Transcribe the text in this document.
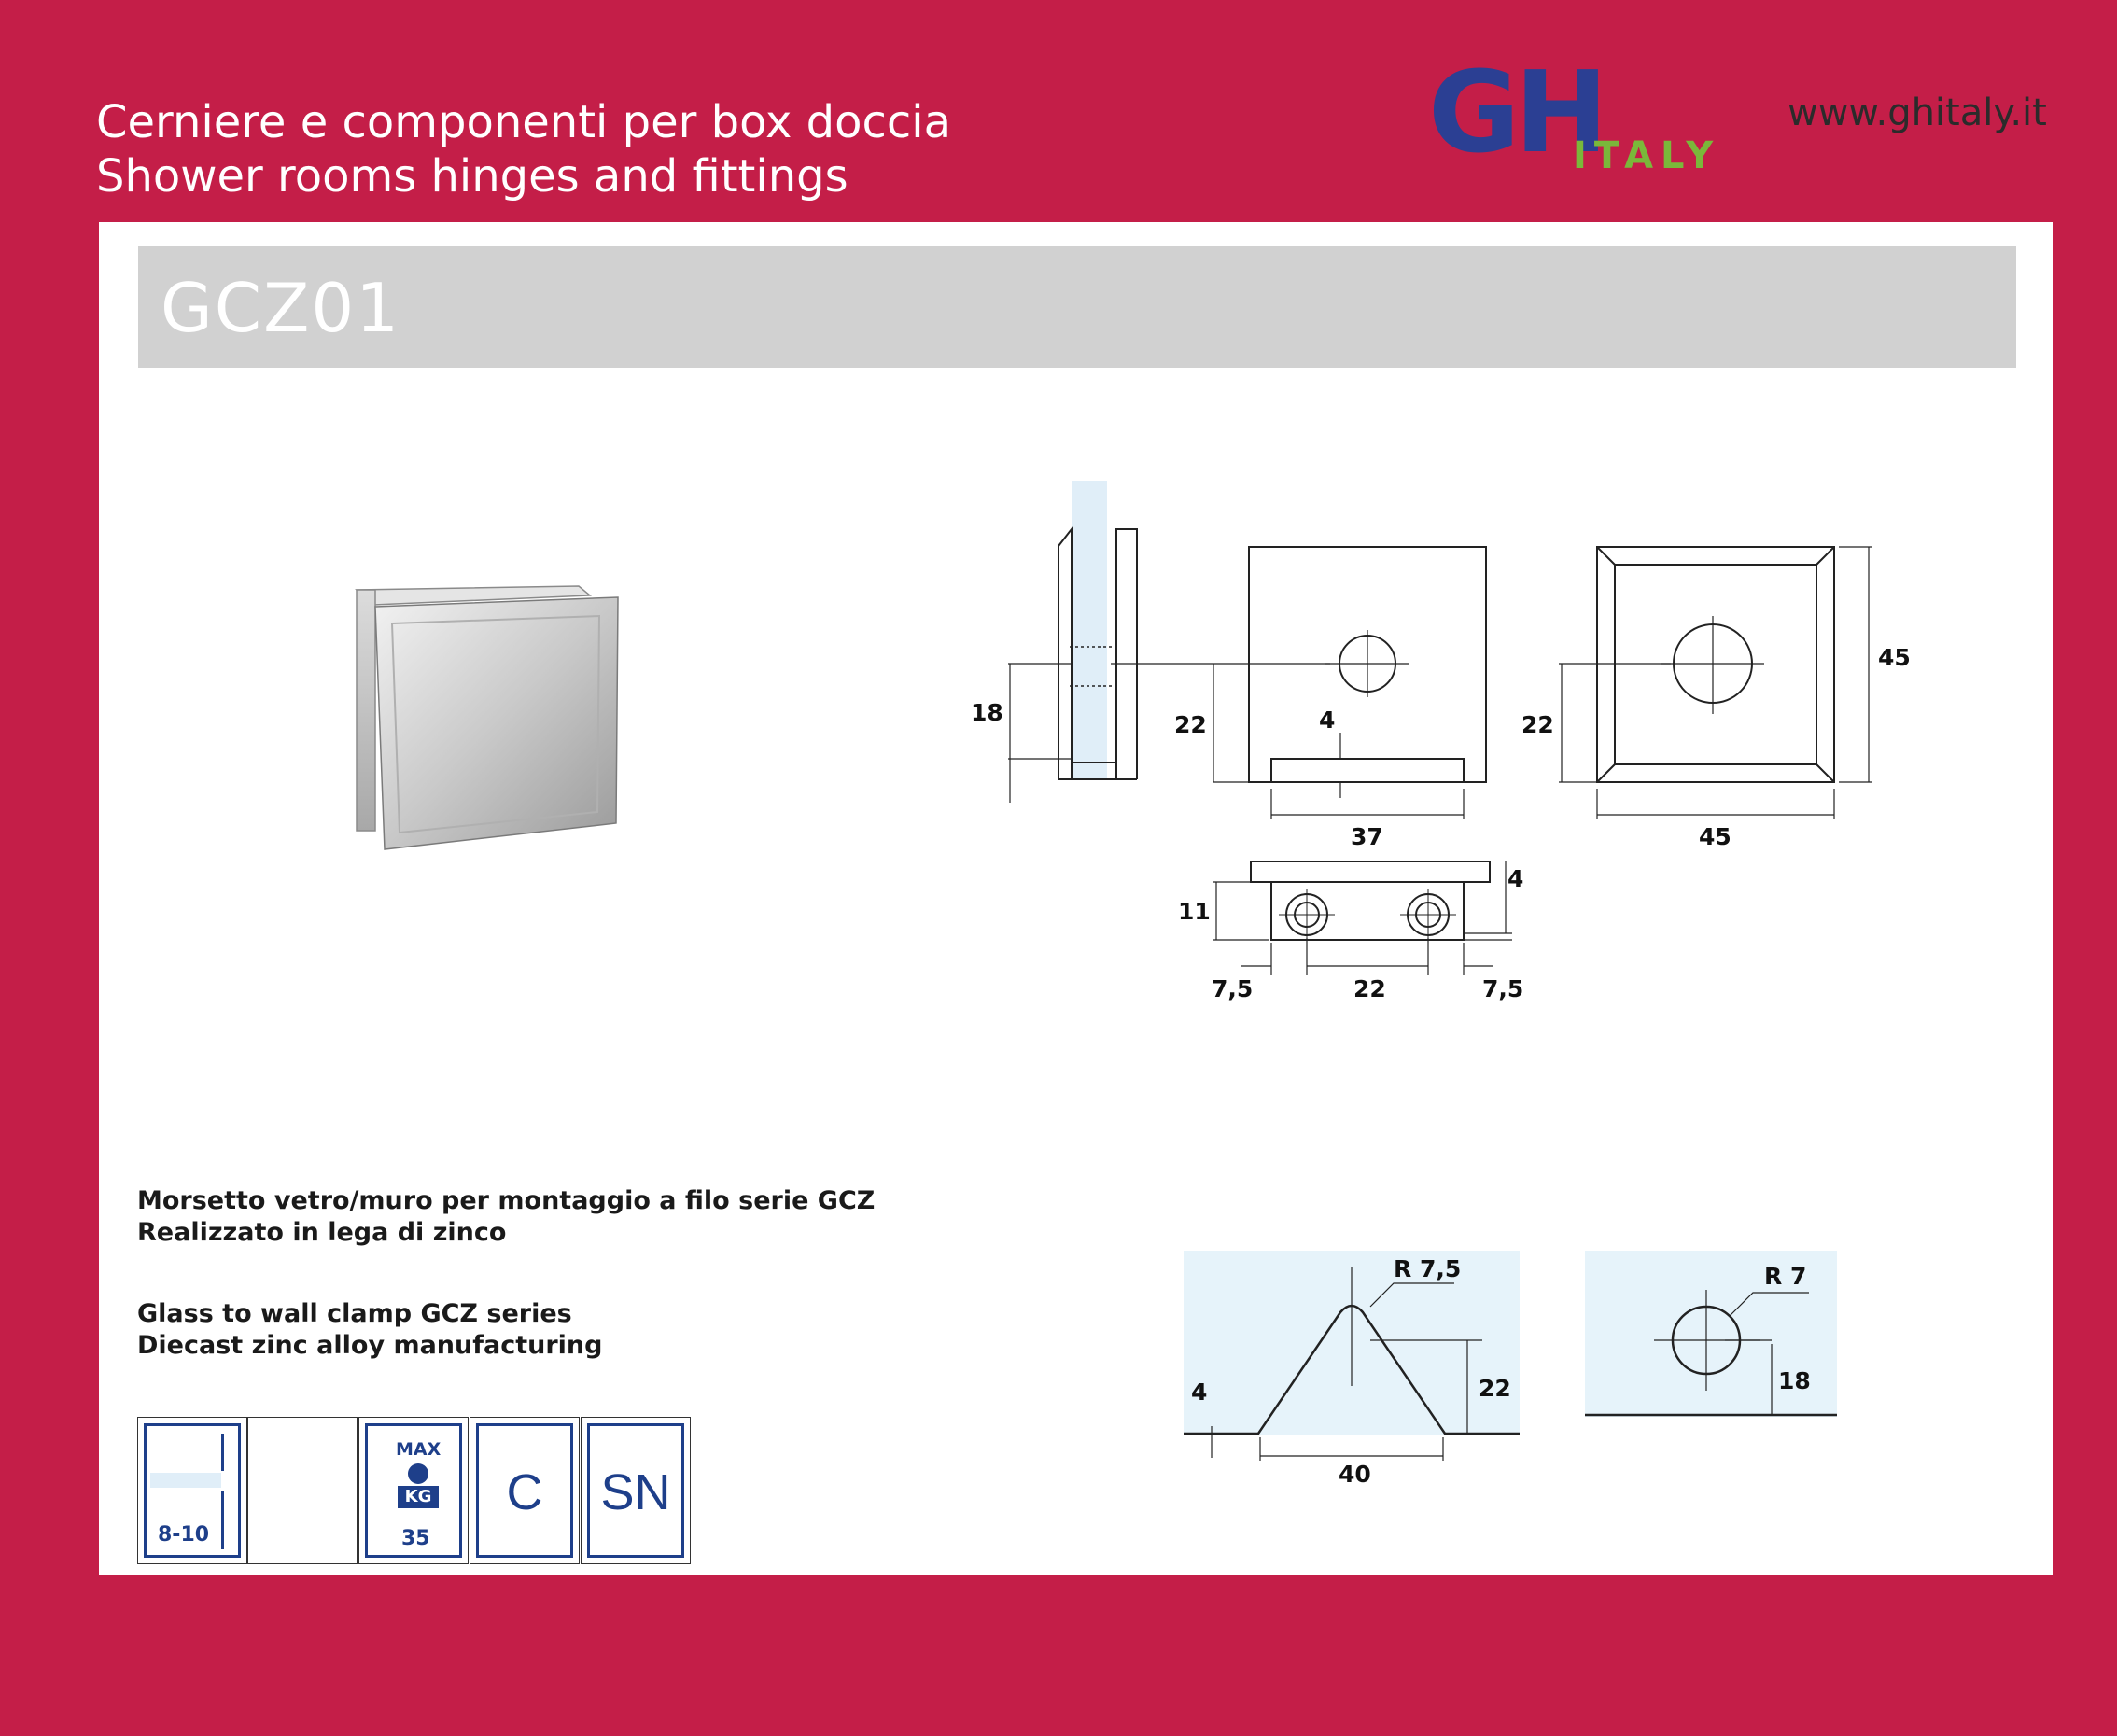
Cerniere e componenti per box doccia
Shower rooms hinges and fittings	GH
ITALY
www.ghitaly.it
GCZ01
18	22	4
37
22
45
45
11
4
7,5	22	7,5
Morsetto vetro/muro per montaggio a filo serie GCZ
Realizzato in lega di zinco
Glass to wall clamp GCZ series
Diecast zinc alloy manufacturing
R 7,5
22
4
40
R 7
18
8-10
MAX
KG
35
C	SN
